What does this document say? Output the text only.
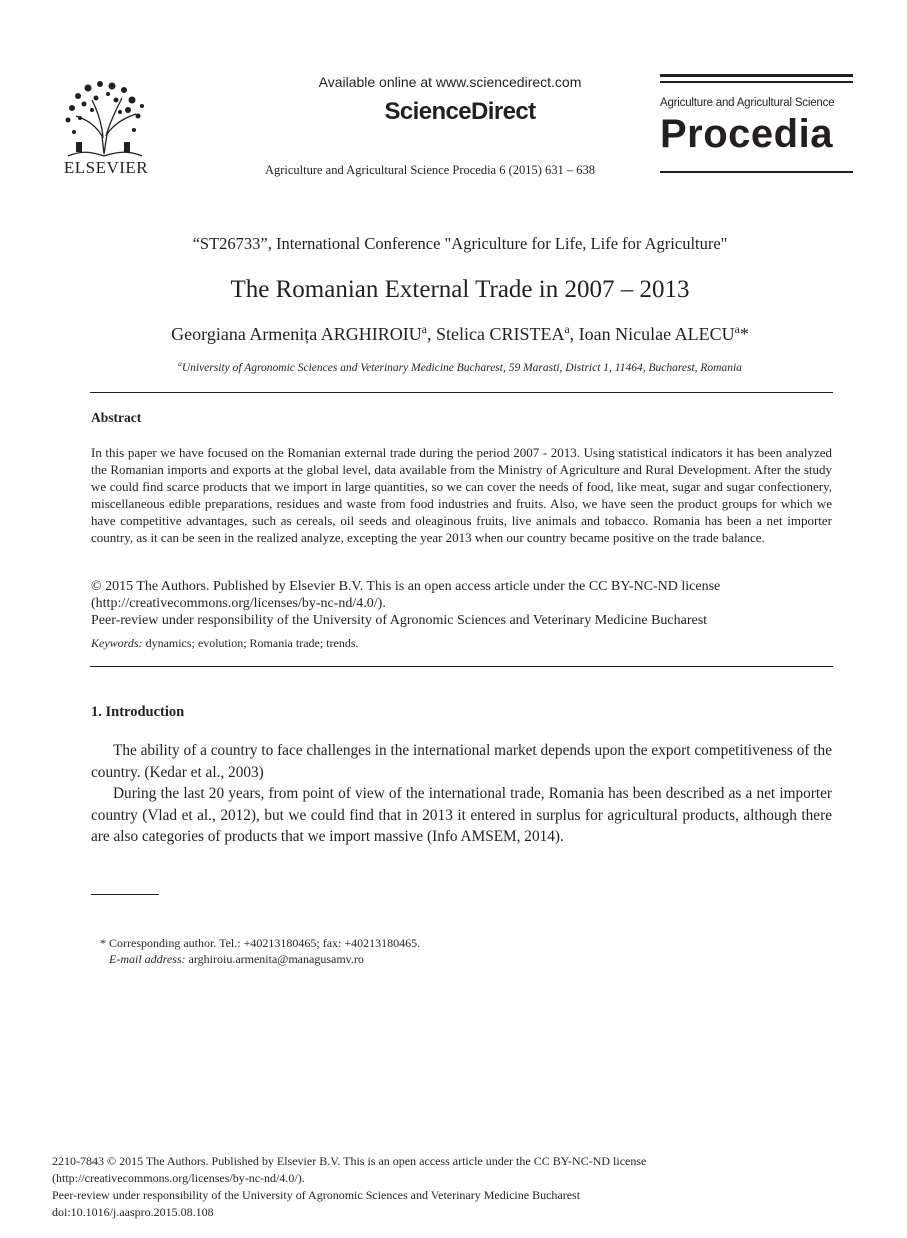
ELSEVIER
Available online at www.sciencedirect.com
ScienceDirect
Agriculture and Agricultural Science Procedia 6 (2015) 631 – 638
Agriculture and Agricultural Science
Procedia
“ST26733”, International Conference "Agriculture for Life, Life for Agriculture"
The Romanian External Trade in 2007 – 2013
Georgiana Armenița ARGHIROIU$^a$, Stelica CRISTEA$^a$, Ioan Niculae ALECU$^a$*
$^a$University of Agronomic Sciences and Veterinary Medicine Bucharest, 59 Marasti, District 1, 11464, Bucharest, Romania
Abstract
In this paper we have focused on the Romanian external trade during the period 2007 - 2013. Using statistical indicators it has been analyzed the Romanian imports and exports at the global level, data available from the Ministry of Agriculture and Rural Development. After the study we could find scarce products that we import in large quantities, so we can cover the needs of food, like meat, sugar and sugar confectionery, miscellaneous edible preparations, residues and waste from food industries and fruits. Also, we have seen the product groups for which we have competitive advantages, such as cereals, oil seeds and oleaginous fruits, live animals and tobacco. Romania has been a net importer country, as it can be seen in the realized analyze, excepting the year 2013 when our country became positive on the trade balance.
© 2015 The Authors. Published by Elsevier B.V. This is an open access article under the CC BY-NC-ND license
(http://creativecommons.org/licenses/by-nc-nd/4.0/).
Peer-review under responsibility of the University of Agronomic Sciences and Veterinary Medicine Bucharest
Keywords: dynamics; evolution; Romania trade; trends.
1. Introduction

The ability of a country to face challenges in the international market depends upon the export competitiveness of the country. (Kedar et al., 2003)

During the last 20 years, from point of view of the international trade, Romania has been described as a net importer country (Vlad et al., 2012), but we could find that in 2013 it entered in surplus for agricultural products, although there are also categories of products that we import massive (Info AMSEM, 2014).

* Corresponding author. Tel.: +40213180465; fax: +40213180465.
E-mail address: arghiroiu.armenita@managusamv.ro
2210-7843 © 2015 The Authors. Published by Elsevier B.V. This is an open access article under the CC BY-NC-ND license
(http://creativecommons.org/licenses/by-nc-nd/4.0/).
Peer-review under responsibility of the University of Agronomic Sciences and Veterinary Medicine Bucharest
doi:10.1016/j.aaspro.2015.08.108
